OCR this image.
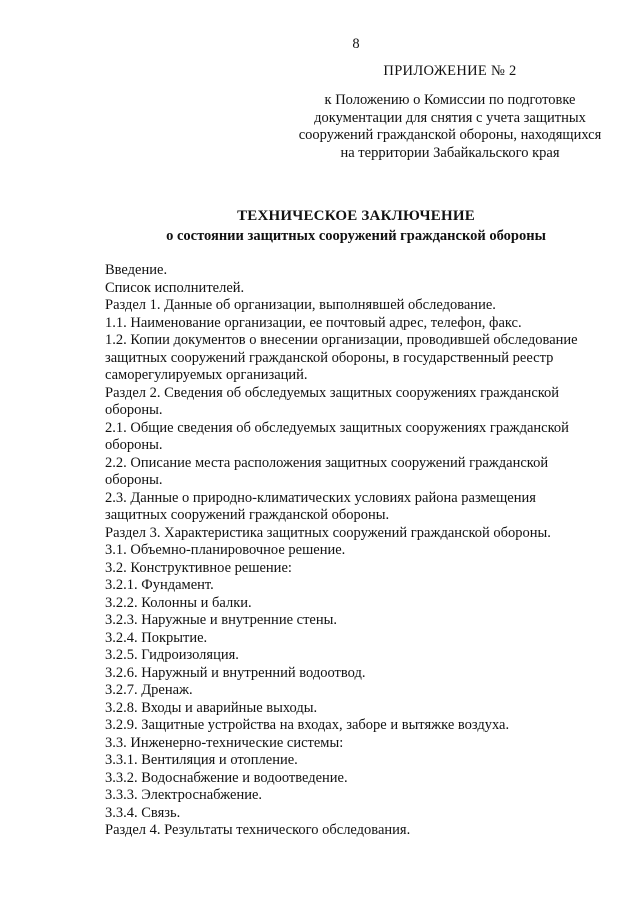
8
ПРИЛОЖЕНИЕ № 2
к Положению о Комиссии по подготовке
документации для снятия с учета защитных
сооружений гражданской обороны, находящихся
на территории Забайкальского края
ТЕХНИЧЕСКОЕ ЗАКЛЮЧЕНИЕ
о состоянии защитных сооружений гражданской обороны
Введение.
Список исполнителей.
Раздел 1. Данные об организации, выполнявшей обследование.
1.1. Наименование организации, ее почтовый адрес, телефон, факс.
1.2. Копии документов о внесении организации, проводившей обследование
защитных сооружений гражданской обороны, в государственный реестр
саморегулируемых организаций.
Раздел 2. Сведения об обследуемых защитных сооружениях гражданской
обороны.
2.1. Общие сведения об обследуемых защитных сооружениях гражданской
обороны.
2.2. Описание места расположения защитных сооружений гражданской
обороны.
2.3. Данные о природно-климатических условиях района размещения
защитных сооружений гражданской обороны.
Раздел 3. Характеристика защитных сооружений гражданской обороны.
3.1. Объемно-планировочное решение.
3.2. Конструктивное решение:
3.2.1. Фундамент.
3.2.2. Колонны и балки.
3.2.3. Наружные и внутренние стены.
3.2.4. Покрытие.
3.2.5. Гидроизоляция.
3.2.6. Наружный и внутренний водоотвод.
3.2.7. Дренаж.
3.2.8. Входы и аварийные выходы.
3.2.9. Защитные устройства на входах, заборе и вытяжке воздуха.
3.3. Инженерно-технические системы:
3.3.1. Вентиляция и отопление.
3.3.2. Водоснабжение и водоотведение.
3.3.3. Электроснабжение.
3.3.4. Связь.
Раздел 4. Результаты технического обследования.
